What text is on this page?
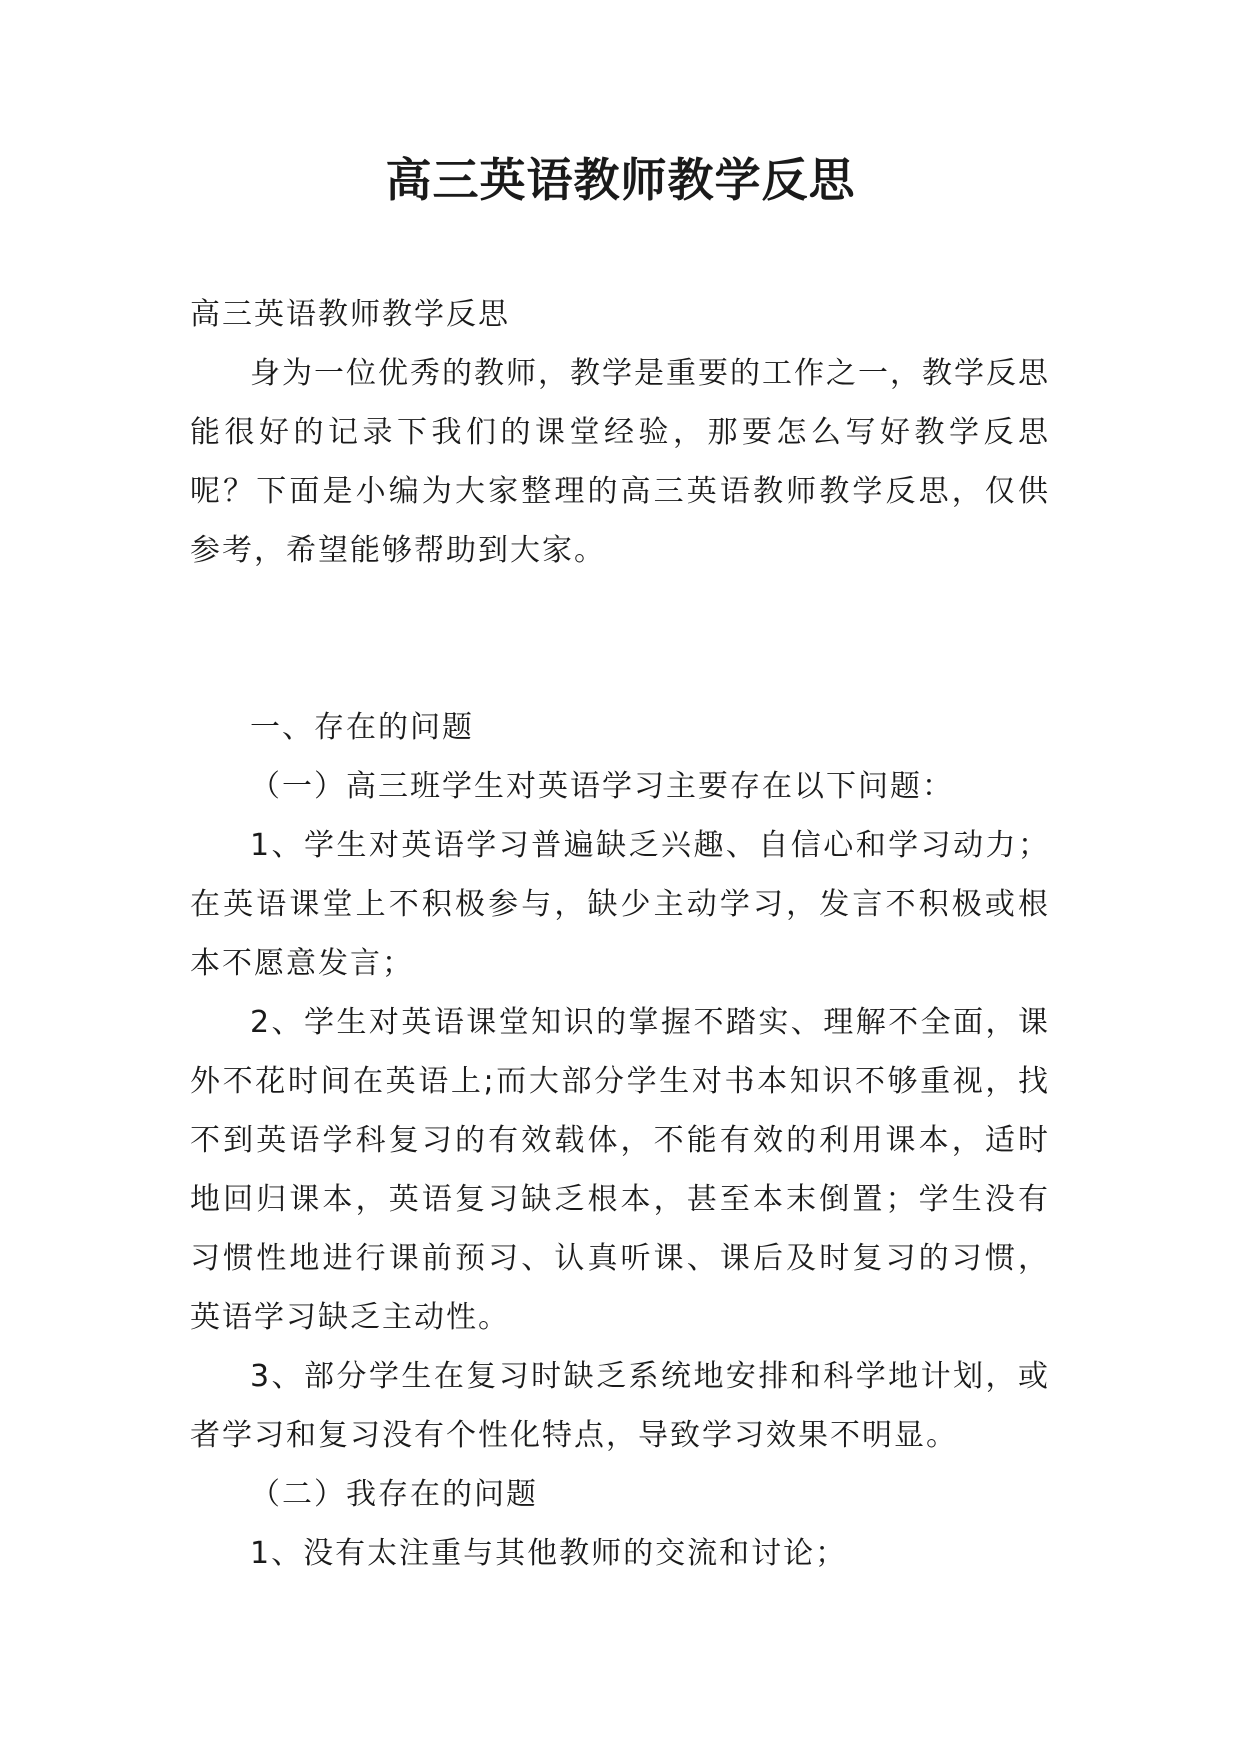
高三英语教师教学反思

高三英语教师教学反思

身为一位优秀的教师，教学是重要的工作之一，教学反思能很好的记录下我们的课堂经验，那要怎么写好教学反思呢？下面是小编为大家整理的高三英语教师教学反思，仅供参考，希望能够帮助到大家。

一、存在的问题

（一）高三班学生对英语学习主要存在以下问题：

1、学生对英语学习普遍缺乏兴趣、自信心和学习动力；在英语课堂上不积极参与，缺少主动学习，发言不积极或根本不愿意发言；

2、学生对英语课堂知识的掌握不踏实、理解不全面，课外不花时间在英语上;而大部分学生对书本知识不够重视，找不到英语学科复习的有效载体，不能有效的利用课本，适时地回归课本，英语复习缺乏根本，甚至本末倒置；学生没有习惯性地进行课前预习、认真听课、课后及时复习的习惯，英语学习缺乏主动性。

3、部分学生在复习时缺乏系统地安排和科学地计划，或者学习和复习没有个性化特点，导致学习效果不明显。

（二）我存在的问题

1、没有太注重与其他教师的交流和讨论；
